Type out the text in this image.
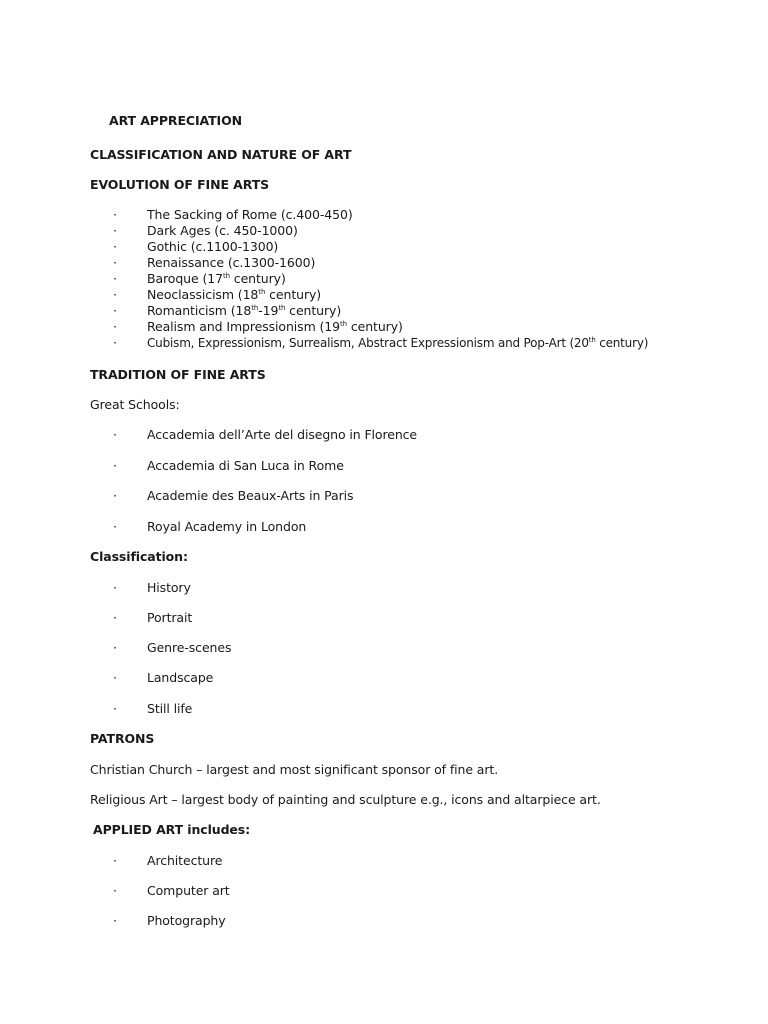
ART APPRECIATION
CLASSIFICATION AND NATURE OF ART
EVOLUTION OF FINE ARTS
· The Sacking of Rome (c.400-450)
· Dark Ages (c. 450-1000)
· Gothic (c.1100-1300)
· Renaissance (c.1300-1600)
· Baroque (17th century)
· Neoclassicism (18th century)
· Romanticism (18th-19th century)
· Realism and Impressionism (19th century)
·	Cubism, Expressionism, Surrealism, Abstract Expressionism and Pop-Art (20th century)
TRADITION OF FINE ARTS
Great Schools:
· Accademia dell’Arte del disegno in Florence
· Accademia di San Luca in Rome
· Academie des Beaux-Arts in Paris
· Royal Academy in London
Classification:
· History
· Portrait
· Genre-scenes
· Landscape
· Still life
PATRONS
Christian Church – largest and most significant sponsor of fine art.
Religious Art – largest body of painting and sculpture e.g., icons and altarpiece art.
APPLIED ART includes:
· Architecture
· Computer art
· Photography
